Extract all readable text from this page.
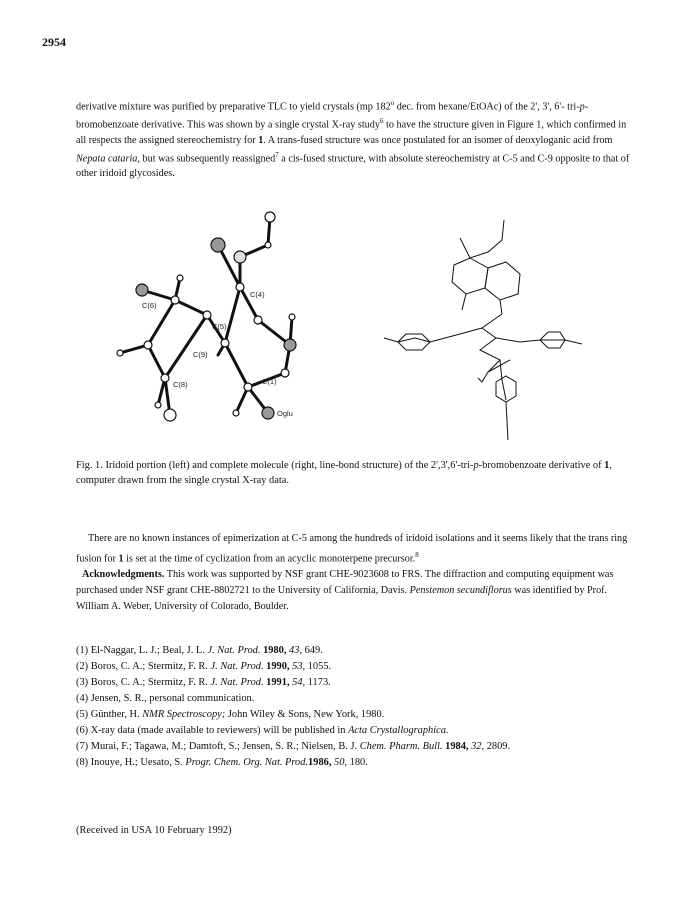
2954
derivative mixture was purified by preparative TLC to yield crystals (mp 182$^o$ dec. from hexane/EtOAc) of the 2', 3', 6'- tri-p-bromobenzoate derivative. This was shown by a single crystal X-ray study$^6$ to have the structure given in Figure 1, which confirmed in all respects the assigned stereochemistry for 1. A trans-fused structure was once postulated for an isomer of deoxyloganic acid from Nepata cataria, but was subsequently reassigned$^7$ a cis-fused structure, with absolute stereochemistry at C-5 and C-9 opposite to that of other iridoid glycosides.
C(4)
C(6)
C(5)
C(9)
C(8)	C(1)
Oglu
Fig. 1. Iridoid portion (left) and complete molecule (right, line-bond structure) of the 2',3',6'-tri-p-bromobenzoate derivative of 1, computer drawn from the single crystal X-ray data.

There are no known instances of epimerization at C-5 among the hundreds of iridoid isolations and it seems likely that the trans ring fusion for 1 is set at the time of cyclization from an acyclic monoterpene precursor.$^8$

Acknowledgments. This work was supported by NSF grant CHE-9023608 to FRS. The diffraction and computing equipment was purchased under NSF grant CHE-8802721 to the University of California, Davis. Penstemon secundiflorus was identified by Prof. William A. Weber, University of Colorado, Boulder.

(1) El-Naggar, L. J.; Beal, J. L. J. Nat. Prod. 1980, 43, 649.
(2) Boros, C. A.; Stermitz, F. R. J. Nat. Prod. 1990, 53, 1055.
(3) Boros, C. A.; Stermitz, F. R. J. Nat. Prod. 1991, 54, 1173.
(4) Jensen, S. R., personal communication.
(5) Günther, H. NMR Spectroscopy; John Wiley & Sons, New York, 1980.
(6) X-ray data (made available to reviewers) will be published in Acta Crystallographica.
(7) Murai, F.; Tagawa, M.; Damtoft, S.; Jensen, S. R.; Nielsen, B. J. Chem. Pharm. Bull. 1984, 32, 2809.
(8) Inouye, H.; Uesato, S. Progr. Chem. Org. Nat. Prod.1986, 50, 180.
(Received in USA 10 February 1992)
